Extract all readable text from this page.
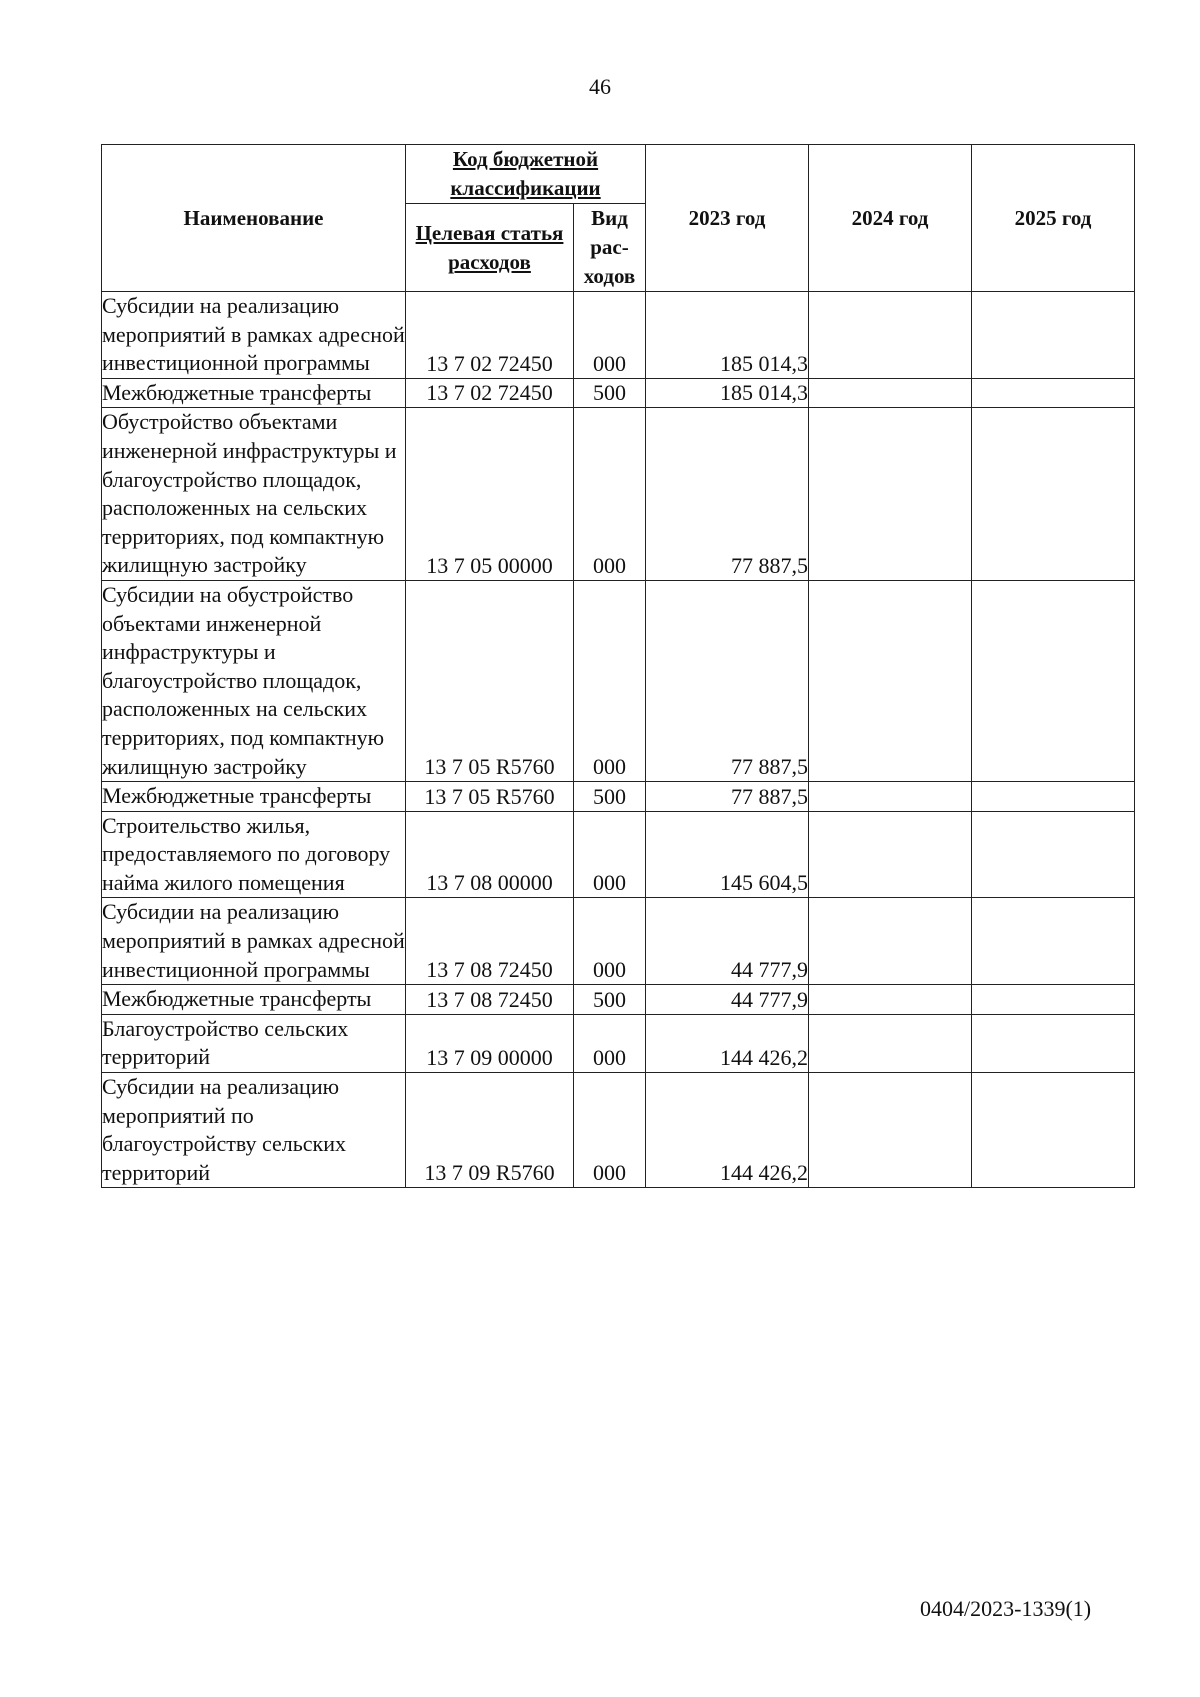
46
Наименование	Код бюджетной классификации		2023 год	2024 год	2025 год
	Целевая статья расходов	Вид рас- ходов			
Субсидии на реализацию мероприятий в рамках адресной инвестиционной программы	13 7 02 72450	000	185 014,3		
Межбюджетные трансферты	13 7 02 72450	500	185 014,3		
Обустройство объектами инженерной инфраструктуры и благоустройство площадок, расположенных на сельских территориях, под компактную жилищную застройку	13 7 05 00000	000	77 887,5		
Субсидии на обустройство объектами инженерной инфраструктуры и благоустройство площадок, расположенных на сельских территориях, под компактную жилищную застройку	13 7 05 R5760	000	77 887,5		
Межбюджетные трансферты	13 7 05 R5760	500	77 887,5		
Строительство жилья, предоставляемого по договору найма жилого помещения	13 7 08 00000	000	145 604,5		
Субсидии на реализацию мероприятий в рамках адресной инвестиционной программы	13 7 08 72450	000	44 777,9		
Межбюджетные трансферты	13 7 08 72450	500	44 777,9		
Благоустройство сельских территорий	13 7 09 00000	000	144 426,2		
Субсидии на реализацию мероприятий по благоустройству сельских территорий	13 7 09 R5760	000	144 426,2		
0404/2023-1339(1)
